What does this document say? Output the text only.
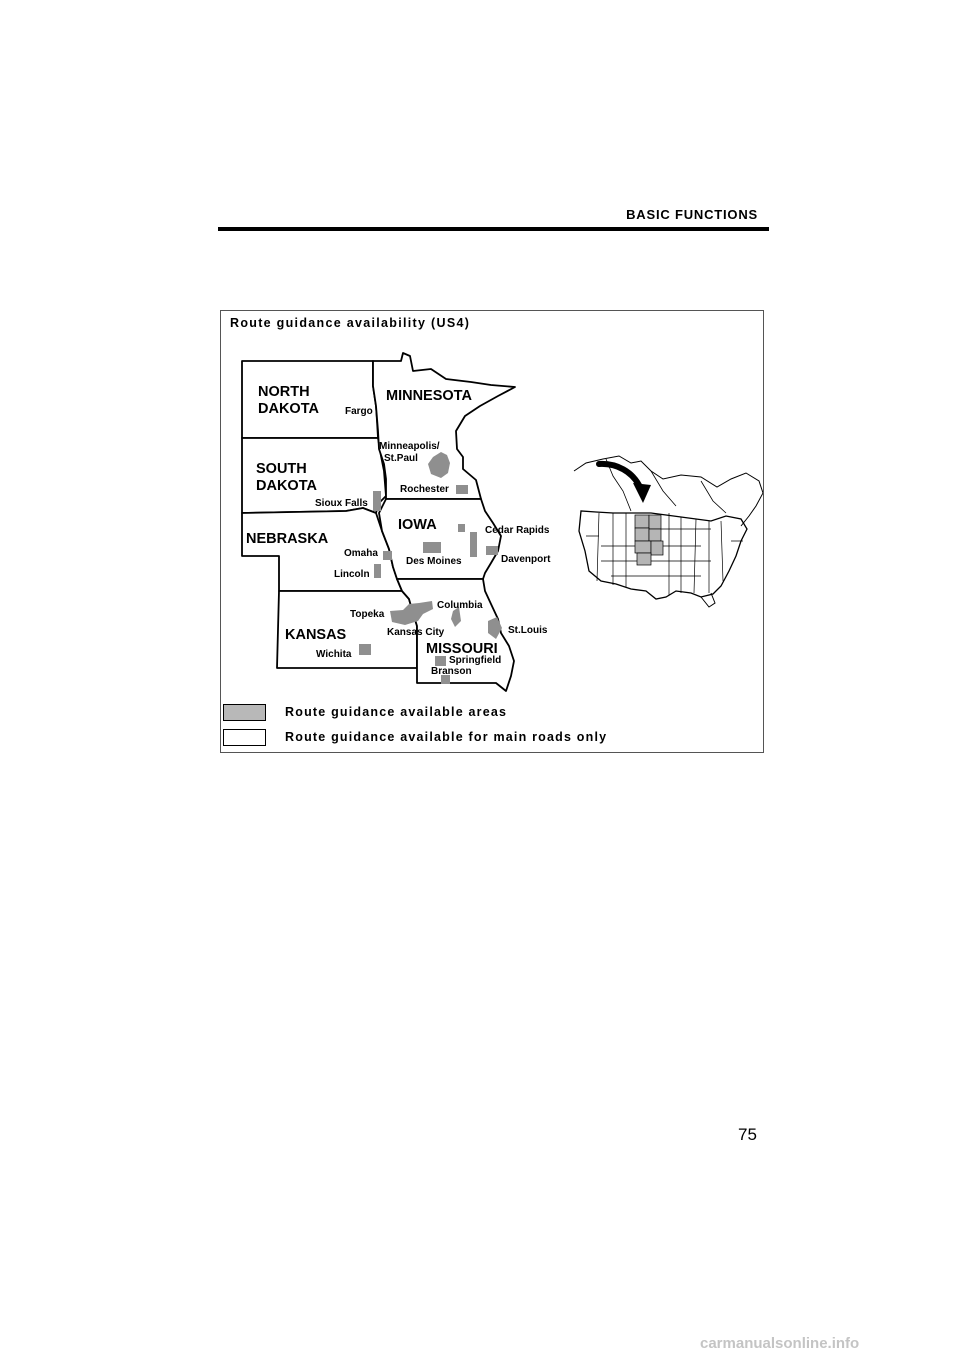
BASIC FUNCTIONS
Route guidance availability (US4)
NORTH
DAKOTA
MINNESOTA
SOUTH
DAKOTA
NEBRASKA
IOWA
KANSAS
MISSOURI
Fargo
Minneapolis/
St.Paul
Rochester
Sioux Falls
Cedar Rapids
Omaha
Des Moines	Davenport
Lincoln
Columbia
Topeka
Kansas City	St.Louis
Wichita
Springfield
Branson
Route guidance available areas
Route guidance available for main roads only
75
carmanualsonline.info
